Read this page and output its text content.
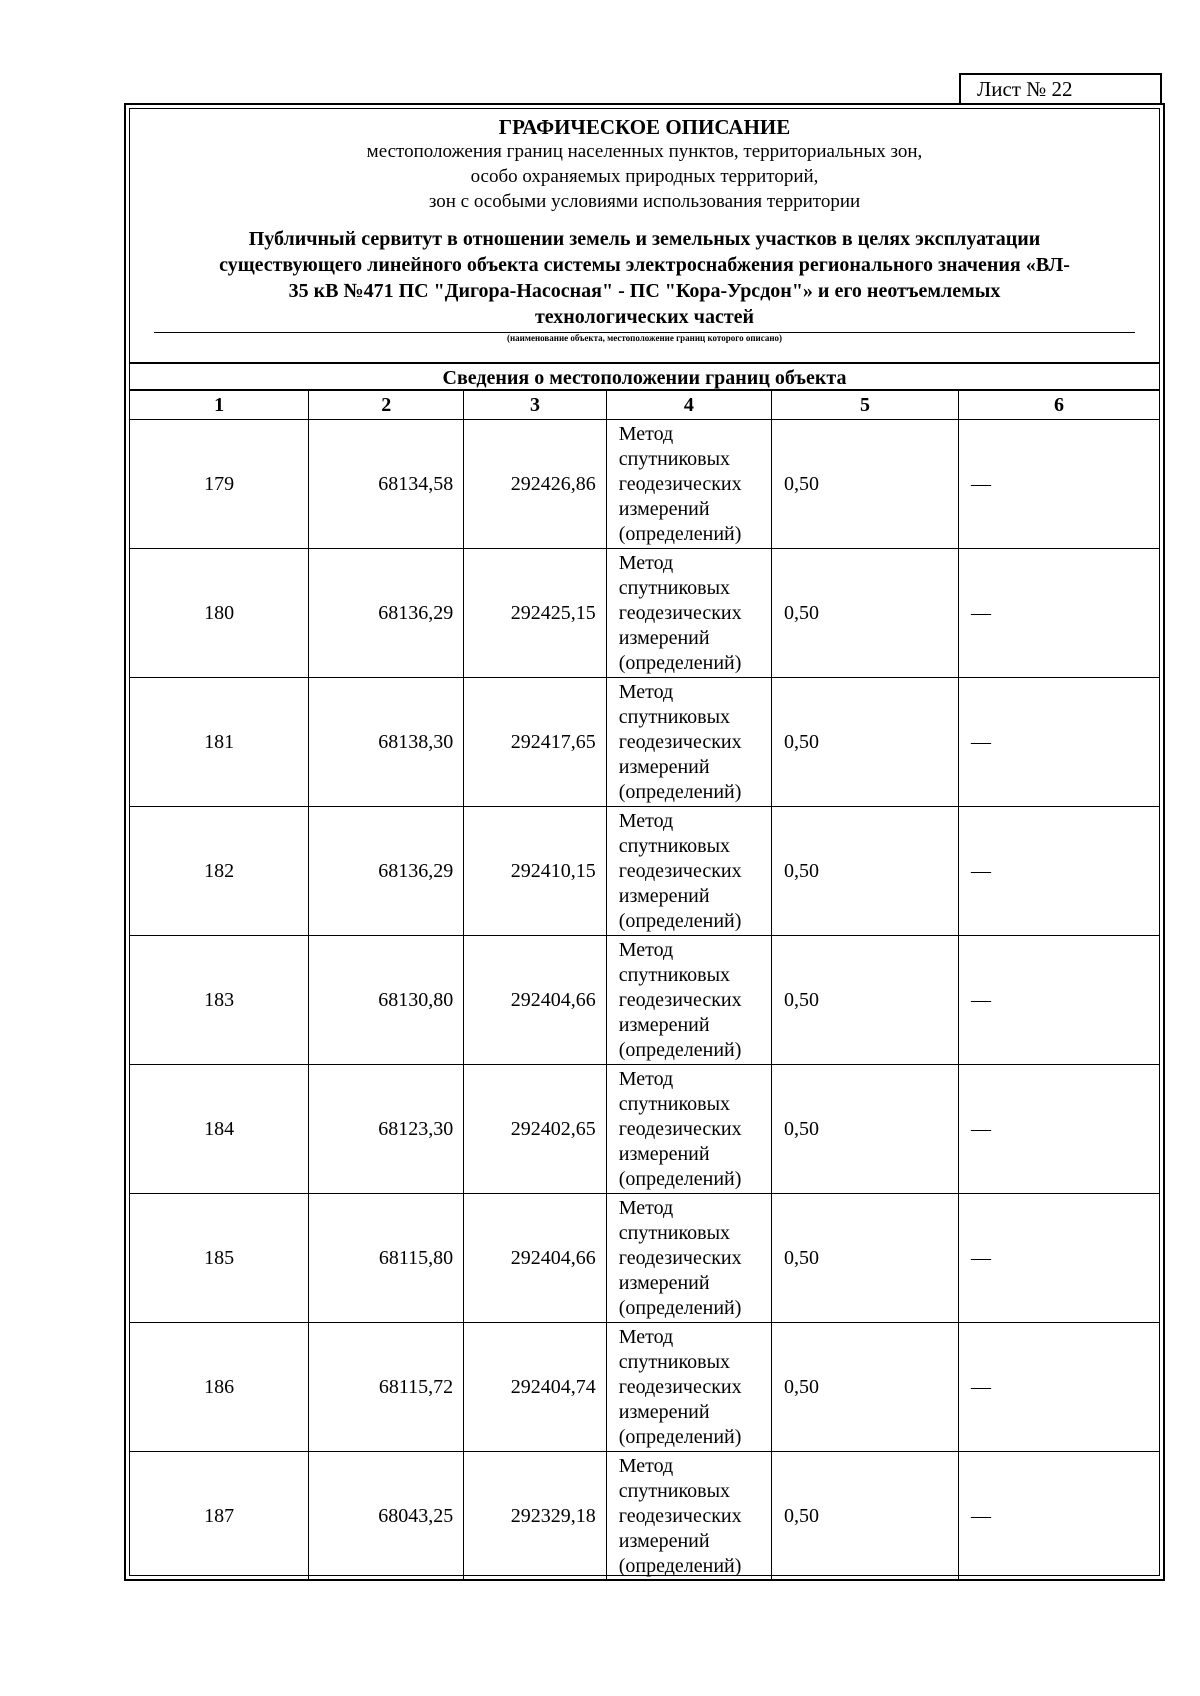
Лист № 22
ГРАФИЧЕСКОЕ ОПИСАНИЕ
местоположения границ населенных пунктов, территориальных зон,
особо охраняемых природных территорий,
зон с особыми условиями использования территории
Публичный сервитут в отношении земель и земельных участков в целях эксплуатации
существующего линейного объекта системы электроснабжения регионального значения «ВЛ-
35 кВ №471 ПС "Дигора-Насосная" - ПС "Кора-Урсдон"» и его неотъемлемых
технологических частей
(наименование объекта, местоположение границ которого описано)
Сведения о местоположении границ объекта
1	2	3	4	5	6
179	68134,58	292426,86	Метод
спутниковых
геодезических
измерений
(определений)	0,50	—
180	68136,29	292425,15	Метод
спутниковых
геодезических
измерений
(определений)	0,50	—
181	68138,30	292417,65	Метод
спутниковых
геодезических
измерений
(определений)	0,50	—
182	68136,29	292410,15	Метод
спутниковых
геодезических
измерений
(определений)	0,50	—
183	68130,80	292404,66	Метод
спутниковых
геодезических
измерений
(определений)	0,50	—
184	68123,30	292402,65	Метод
спутниковых
геодезических
измерений
(определений)	0,50	—
185	68115,80	292404,66	Метод
спутниковых
геодезических
измерений
(определений)	0,50	—
186	68115,72	292404,74	Метод
спутниковых
геодезических
измерений
(определений)	0,50	—
187	68043,25	292329,18	Метод
спутниковых
геодезических
измерений
(определений)	0,50	—
